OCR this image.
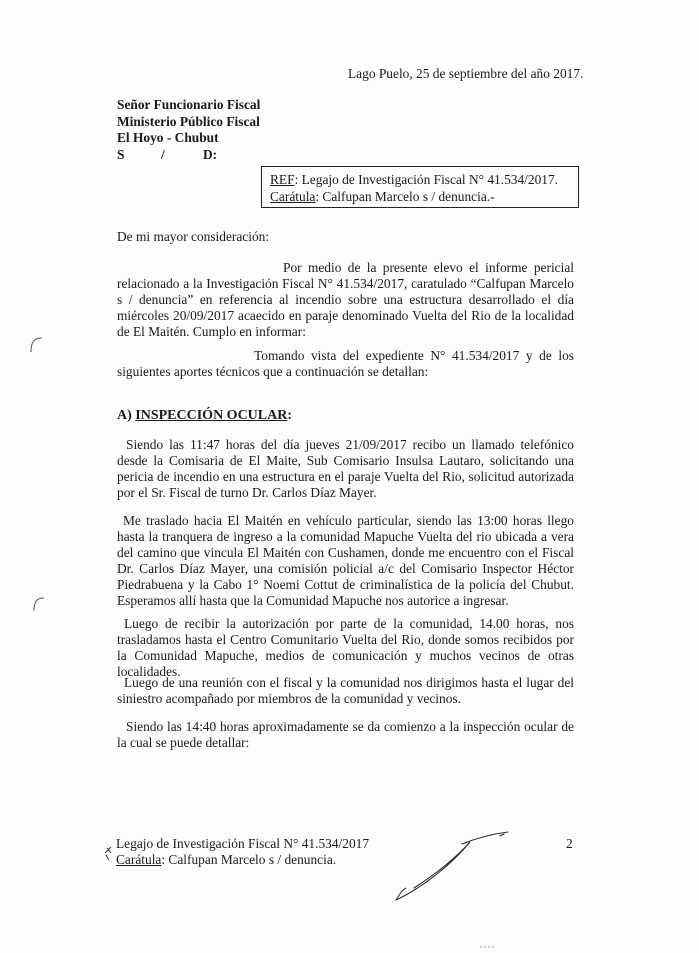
Lago Puelo, 25 de septiembre del año 2017.
Señor Funcionario Fiscal
Ministerio Público Fiscal
El Hoyo - Chubut
S	/	D:
REF: Legajo de Investigación Fiscal N° 41.534/2017.
Carátula: Calfupan Marcelo s / denuncia.-
De mi mayor consideración:
Por medio de la presente elevo el informe pericial relacionado a la Investigación Fiscal N° 41.534/2017, caratulado “Calfupan Marcelo s / denuncia” en referencia al incendio sobre una estructura desarrollado el día miércoles 20/09/2017 acaecido en paraje denominado Vuelta del Rio de la localidad de El Maitén. Cumplo en informar:
Tomando vista del expediente N° 41.534/2017 y de los siguientes aportes técnicos que a continuación se detallan:
A) INSPECCIÓN OCULAR:
Siendo las 11:47 horas del día jueves 21/09/2017 recibo un llamado telefónico desde la Comisaria de El Maite, Sub Comisario Insulsa Lautaro, solicitando una pericia de incendio en una estructura en el paraje Vuelta del Rio, solicitud autorizada por el Sr. Fiscal de turno Dr. Carlos Díaz Mayer.
Me traslado hacia El Maitén en vehículo particular, siendo las 13:00 horas llego hasta la tranquera de ingreso a la comunidad Mapuche Vuelta del rio ubicada a vera del camino que vincula El Maitén con Cushamen, donde me encuentro con el Fiscal Dr. Carlos Díaz Mayer, una comisión policial a/c del Comisario Inspector Héctor Piedrabuena y la Cabo 1° Noemi Cottut de criminalística de la policía del Chubut. Esperamos allí hasta que la Comunidad Mapuche nos autorice a ingresar.
Luego de recibir la autorización por parte de la comunidad, 14.00 horas, nos trasladamos hasta el Centro Comunitario Vuelta del Rio, donde somos recibidos por la Comunidad Mapuche, medios de comunicación y muchos vecinos de otras localidades.
Luego de una reunión con el fiscal y la comunidad nos dirigimos hasta el lugar del siniestro acompañado por miembros de la comunidad y vecinos.
Siendo las 14:40 horas aproximadamente se da comienzo a la inspección ocular de la cual se puede detallar:
Legajo de Investigación Fiscal N° 41.534/2017
Carátula: Calfupan Marcelo s / denuncia.
2
